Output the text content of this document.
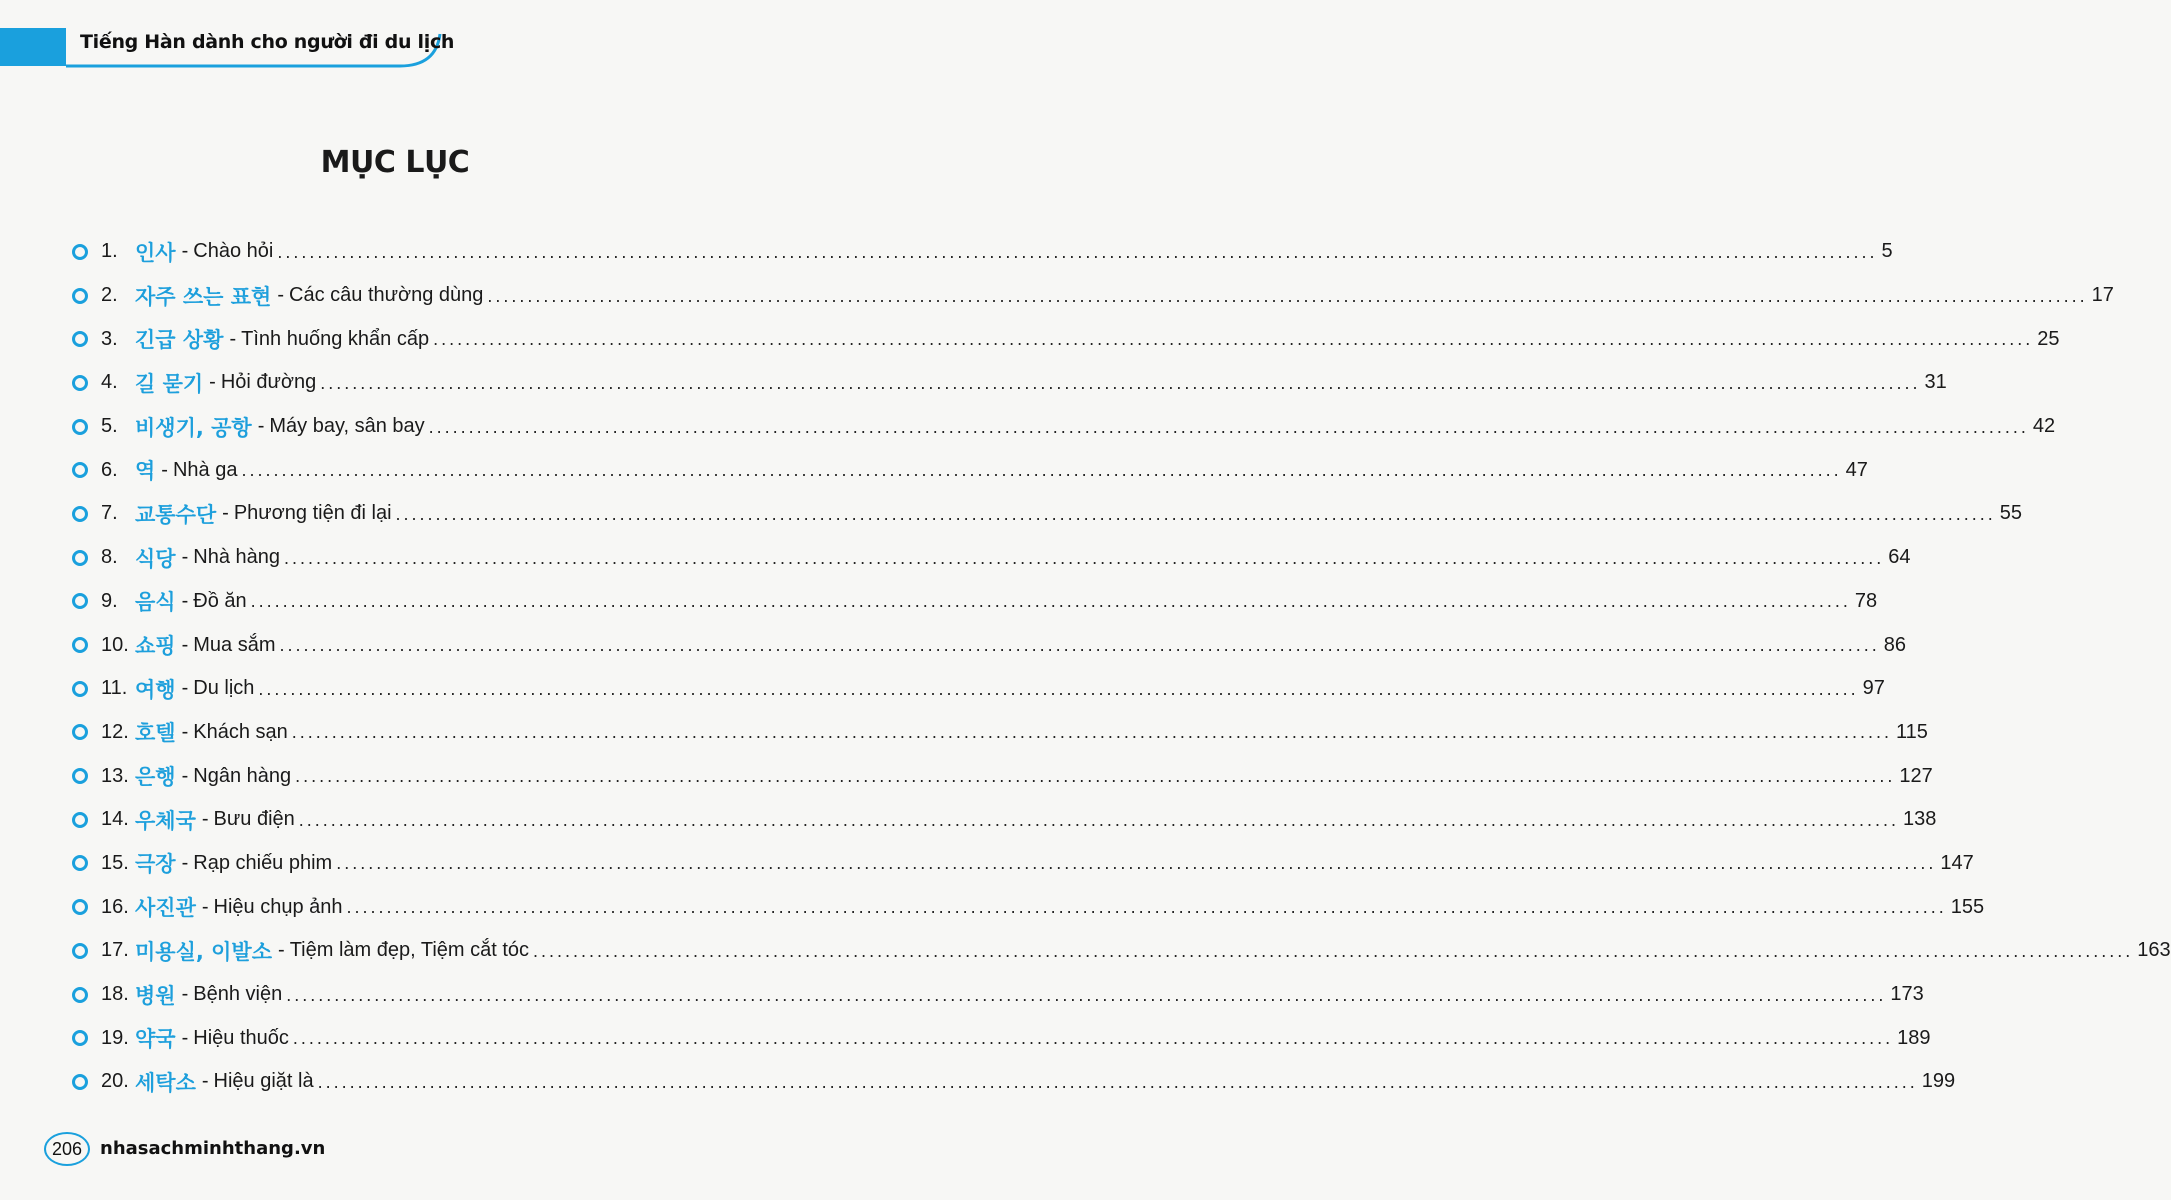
Tiếng Hàn dành cho người đi du lịch
MỤC LỤC
1. 인사 - Chào hỏi ........................................................................................................................................................................................................ 5
2. 자주 쓰는 표현 - Các câu thường dùng ........................................................................................................................................................................................................ 17
3. 긴급 상황 - Tình huống khẩn cấp ........................................................................................................................................................................................................ 25
4. 길 묻기 - Hỏi đường ........................................................................................................................................................................................................ 31
5. 비생기, 공항 - Máy bay, sân bay ........................................................................................................................................................................................................ 42
6. 역 - Nhà ga ........................................................................................................................................................................................................ 47
7. 교통수단 - Phương tiện đi lại ........................................................................................................................................................................................................ 55
8. 식당 - Nhà hàng ........................................................................................................................................................................................................ 64
9. 음식 - Đồ ăn ........................................................................................................................................................................................................ 78
10. 쇼핑 - Mua sắm ........................................................................................................................................................................................................ 86
11. 여행 - Du lịch ........................................................................................................................................................................................................ 97
12. 호텔 - Khách sạn ........................................................................................................................................................................................................ 115
13. 은행 - Ngân hàng ........................................................................................................................................................................................................ 127
14. 우체국 - Bưu điện ........................................................................................................................................................................................................ 138
15. 극장 - Rạp chiếu phim ........................................................................................................................................................................................................ 147
16. 사진관 - Hiệu chụp ảnh ........................................................................................................................................................................................................ 155
17. 미용실, 이발소 - Tiệm làm đẹp, Tiệm cắt tóc ........................................................................................................................................................................................................ 163
18. 병원 - Bệnh viện ........................................................................................................................................................................................................ 173
19. 약국 - Hiệu thuốc ........................................................................................................................................................................................................ 189
20. 세탁소 - Hiệu giặt là ........................................................................................................................................................................................................ 199
206 nhasachminhthang.vn
